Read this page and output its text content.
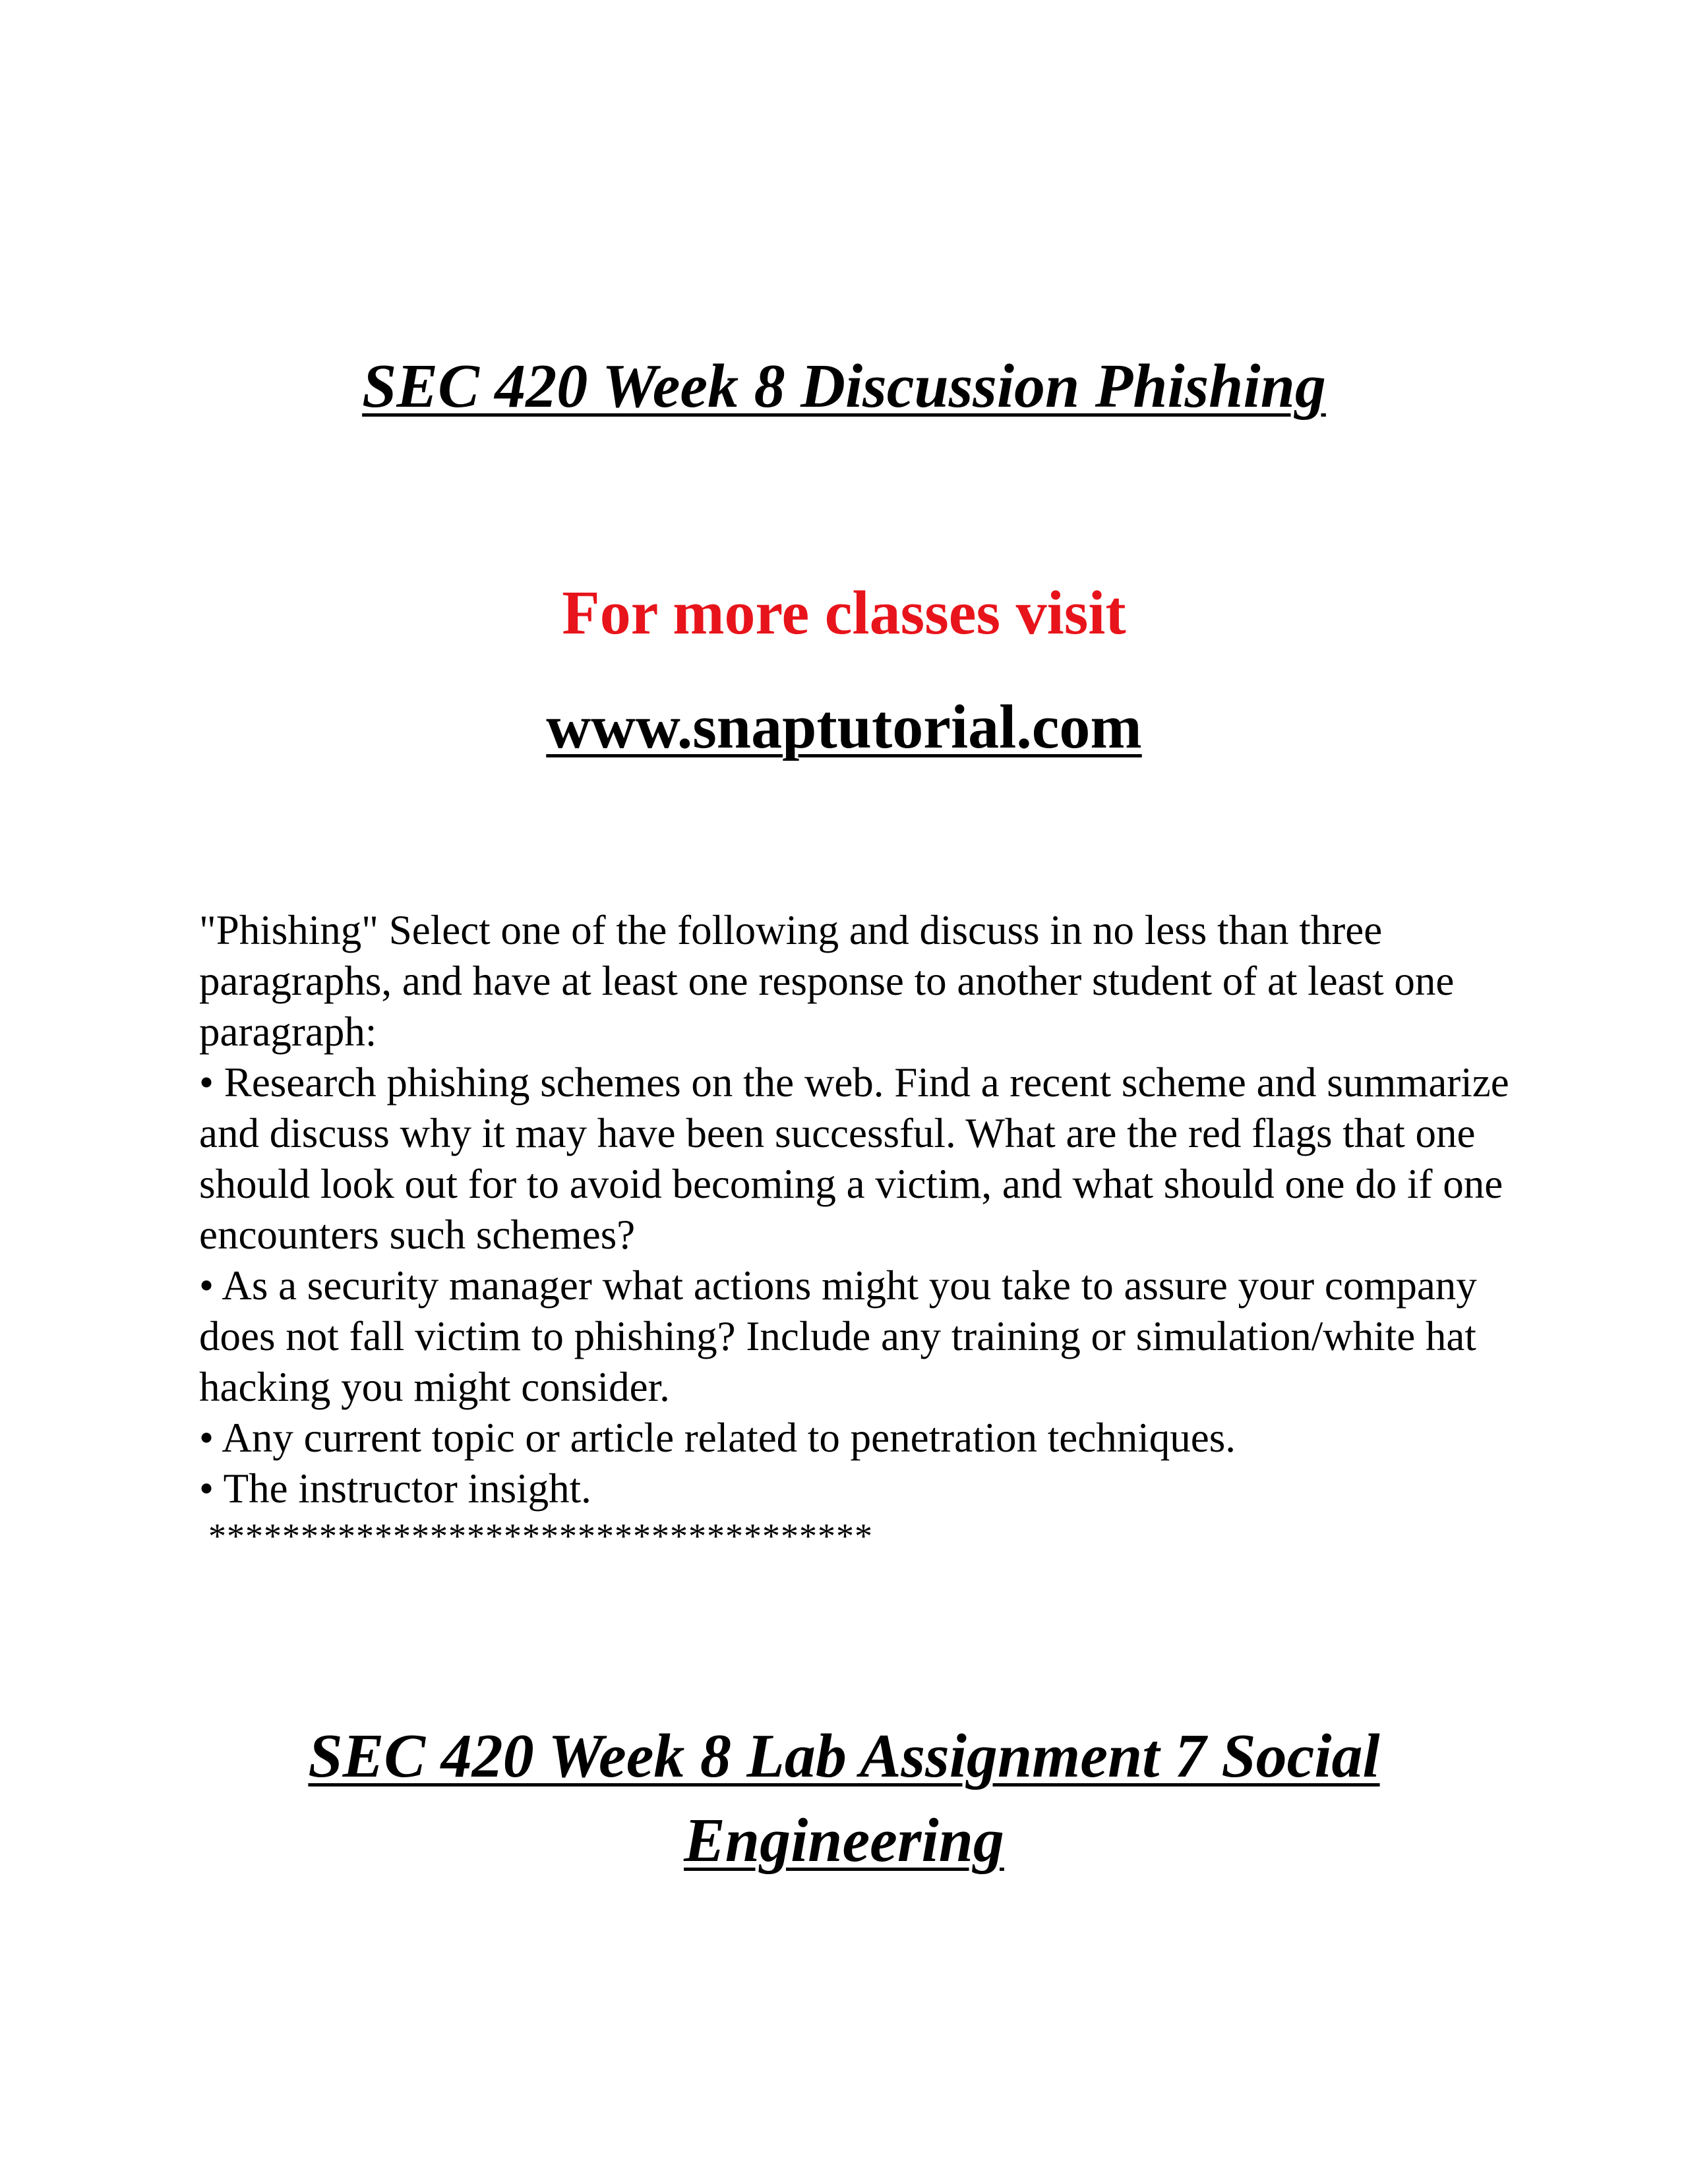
SEC 420 Week 8 Discussion Phishing

For more classes visit

www.snaptutorial.com

"Phishing" Select one of the following and discuss in no less than three paragraphs, and have at least one response to another student of at least one paragraph:

• Research phishing schemes on the web. Find a recent scheme and summarize and discuss why it may have been successful. What are the red flags that one should look out for to avoid becoming a victim, and what should one do if one encounters such schemes?

• As a security manager what actions might you take to assure your company does not fall victim to phishing? Include any training or simulation/white hat hacking you might consider.

• Any current topic or article related to penetration techniques.

• The instructor insight.

************************************

SEC 420 Week 8 Lab Assignment 7 Social Engineering
